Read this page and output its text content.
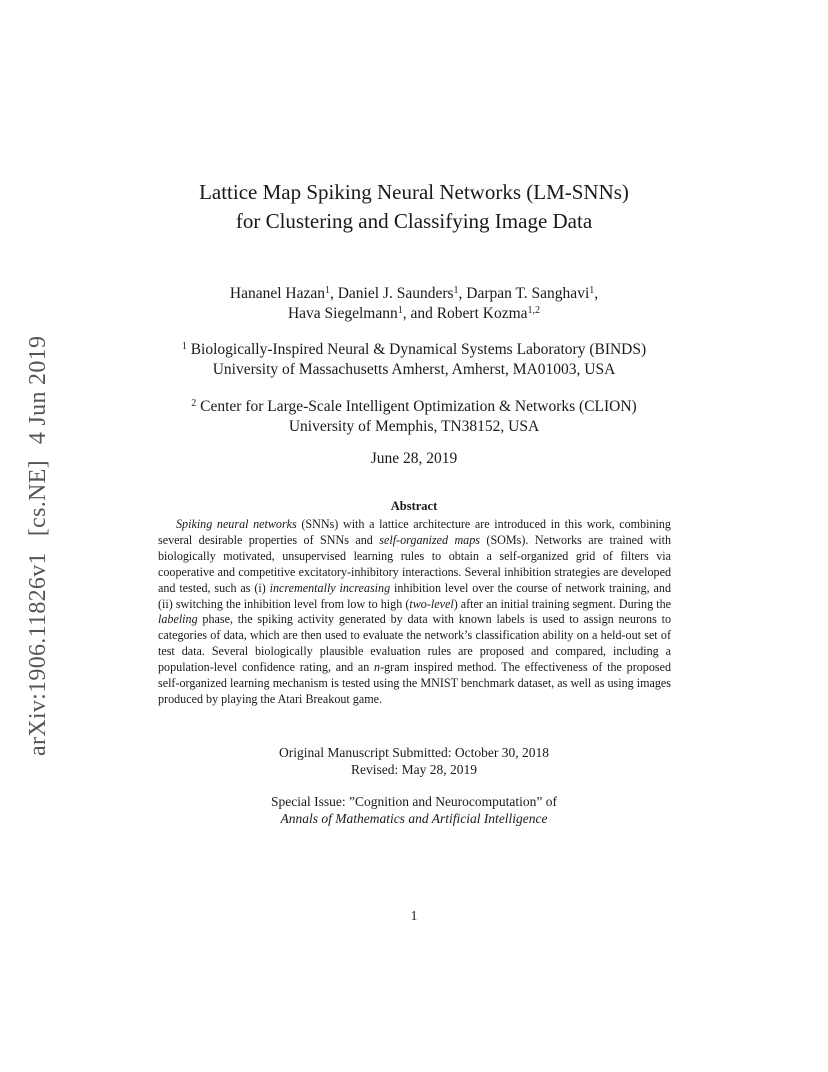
arXiv:1906.11826v1[cs.NE]4 Jun 2019
Lattice Map Spiking Neural Networks (LM-SNNs)
for Clustering and Classifying Image Data
Hananel Hazan$^1$, Daniel J. Saunders$^1$, Darpan T. Sanghavi$^1$,
Hava Siegelmann$^1$, and Robert Kozma$^{1,2}$
$^1$ Biologically-Inspired Neural & Dynamical Systems Laboratory (BINDS)
University of Massachusetts Amherst, Amherst, MA01003, USA
$^2$ Center for Large-Scale Intelligent Optimization & Networks (CLION)
University of Memphis, TN38152, USA
June 28, 2019
Abstract
Spiking neural networks (SNNs) with a lattice architecture are introduced in this work, combining several desirable properties of SNNs and self-organized maps (SOMs). Networks are trained with biologically motivated, unsupervised learning rules to obtain a self-organized grid of filters via cooperative and competitive excitatory-inhibitory interactions. Several inhibition strategies are developed and tested, such as (i) incrementally increasing inhibition level over the course of network training, and (ii) switching the inhibition level from low to high (two-level) after an initial training segment. During the labeling phase, the spiking activity generated by data with known labels is used to assign neurons to categories of data, which are then used to evaluate the network’s classification ability on a held-out set of test data. Several biologically plausible evaluation rules are proposed and compared, including a population-level confidence rating, and an n-gram inspired method. The effectiveness of the proposed self-organized learning mechanism is tested using the MNIST benchmark dataset, as well as using images produced by playing the Atari Breakout game.
Original Manuscript Submitted: October 30, 2018
Revised: May 28, 2019
Special Issue: ”Cognition and Neurocomputation” of
Annals of Mathematics and Artificial Intelligence
1
